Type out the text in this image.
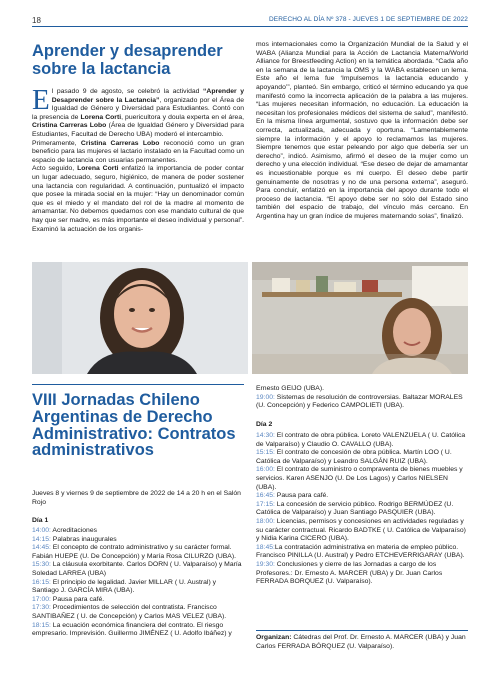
18	DERECHO AL DÍA Nº 378 - JUEVES 1 DE SEPTIEMBRE DE 2022
Aprender y desaprender sobre la lactancia
E l pasado 9 de agosto, se celebró la actividad “Aprender y Desaprender sobre la Lactancia”, organizado por el Área de Igualdad de Género y Diversidad para Estudiantes. Contó con la presencia de Lorena Corti, puericultora y doula experta en el área, Cristina Carreras Lobo (Área de Igualdad Género y Diversidad para Estudiantes, Facultad de Derecho UBA) moderó el intercambio.
Primeramente, Cristina Carreras Lobo reconoció como un gran beneficio para las mujeres el lactario instalado en la Facultad como un espacio de lactancia con usuarias permanentes.
Acto seguido, Lorena Corti enfatizó la importancia de poder contar un lugar adecuado, seguro, higiénico, de manera de poder sostener una lactancia con regularidad. A continuación, puntualizó el impacto que posee la mirada social en la mujer: “Hay un denominador común que es el miedo y el mandato del rol de la madre al momento de amamantar. No debemos quedarnos con ese mandato cultural de que hay que ser madre, es más importante el deseo individual y personal”. Examinó la actuación de los organis-
mos internacionales como la Organización Mundial de la Salud y el WABA (Alianza Mundial para la Acción de Lactancia Materna/World Alliance for Breestfeeding Action) en la temática abordada. “Cada año en la semana de la lactancia la OMS y la WABA establecen un lema. Este año el lema fue ‘Impulsemos la lactancia educando y apoyando’”, planteó. Sin embargo, criticó el término educando ya que manifestó como la incorrecta aplicación de la palabra a las mujeres. “Las mujeres necesitan información, no educación. La educación la necesitan los profesionales médicos del sistema de salud”, manifestó. En la misma línea argumental, sostuvo que la información debe ser correcta, actualizada, adecuada y oportuna. “Lamentablemente siempre la información y el apoyo lo reclamamos las mujeres. Siempre tenemos que estar peleando por algo que debería ser un derecho”, indicó. Asimismo, afirmó el deseo de la mujer como un derecho y una elección individual. “Ese deseo de dejar de amamantar es incuestionable porque es mi cuerpo. El deseo debe partir genuinamente de nosotras y no de una persona externa”, aseguró. Para concluir, enfatizó en la importancia del apoyo durante todo el proceso de lactancia. “El apoyo debe ser no sólo del Estado sino también del espacio de trabajo, del vínculo más cercano. En Argentina hay un gran índice de mujeres maternando solas”, finalizó.
VIII Jornadas Chileno Argentinas de Derecho Administrativo: Contratos administrativos
Jueves 8 y viernes 9 de septiembre de 2022 de 14 a 20 h en el Salón Rojo
Día 1

14:00: Acreditaciones

14:15: Palabras inaugurales

14:45: El concepto de contrato administrativo y su carácter formal. Fabián HUEPE (U. De Concepción) y María Rosa CILURZO (UBA).

15:30: La cláusula exorbitante. Carlos DORN ( U. Valparaíso) y María Soledad LARREA (UBA)

16:15: El principio de legalidad. Javier MILLAR ( U. Austral) y Santiago J. GARCÍA MIRA (UBA).

17:00: Pausa para café.

17:30: Procedimientos de selección del contratista. Francisco SANTIBAÑEZ ( U. de Concepción) y Carlos MAS VELEZ (UBA).

18:15: La ecuación económica financiera del contrato. El riesgo empresario. Imprevisión. Guillermo JIMÉNEZ ( U. Adolfo Ibáñez) y

Ernesto GEIJO (UBA).

19:00: Sistemas de resolución de controversias. Baltazar MORALES (U. Concepción) y Federico CAMPOLIETI (UBA).

Día 2

14:30: El contrato de obra pública. Loreto VALENZUELA ( U. Católica de Valparaíso) y Claudio O. CAVALLO (UBA).

15:15: El contrato de concesión de obra pública. Martín LOO ( U. Católica de Valparaíso) y Leandro SALGÁN RUIZ (UBA).

16:00: El contrato de suministro o compraventa de bienes muebles y servicios. Karen ASENJO (U. De Los Lagos) y Carlos NIELSEN (UBA).

16:45: Pausa para café.

17:15: La concesión de servicio público. Rodrigo BERMÚDEZ (U. Católica de Valparaíso) y Juan Santiago PASQUIER (UBA).

18:00: Licencias, permisos y concesiones en actividades reguladas y su carácter contractual. Ricardo BADTKE ( U. Católica de Valparaíso) y Nidia Karina CICERO (UBA).

18:45:La contratación administrativa en materia de empleo público. Francisco PINILLA (U. Austral) y Pedro ETCHEVERRIGARAY (UBA).

19:30: Conclusiones y cierre de las Jornadas a cargo de los Profesores.: Dr. Ernesto A. MARCER (UBA) y Dr. Juan Carlos FERRADA BORQUEZ (U. Valparaíso).

Organizan: Cátedras del Prof. Dr. Ernesto A. MARCER (UBA) y Juan Carlos FERRADA BÓRQUEZ (U. Valparaíso).
